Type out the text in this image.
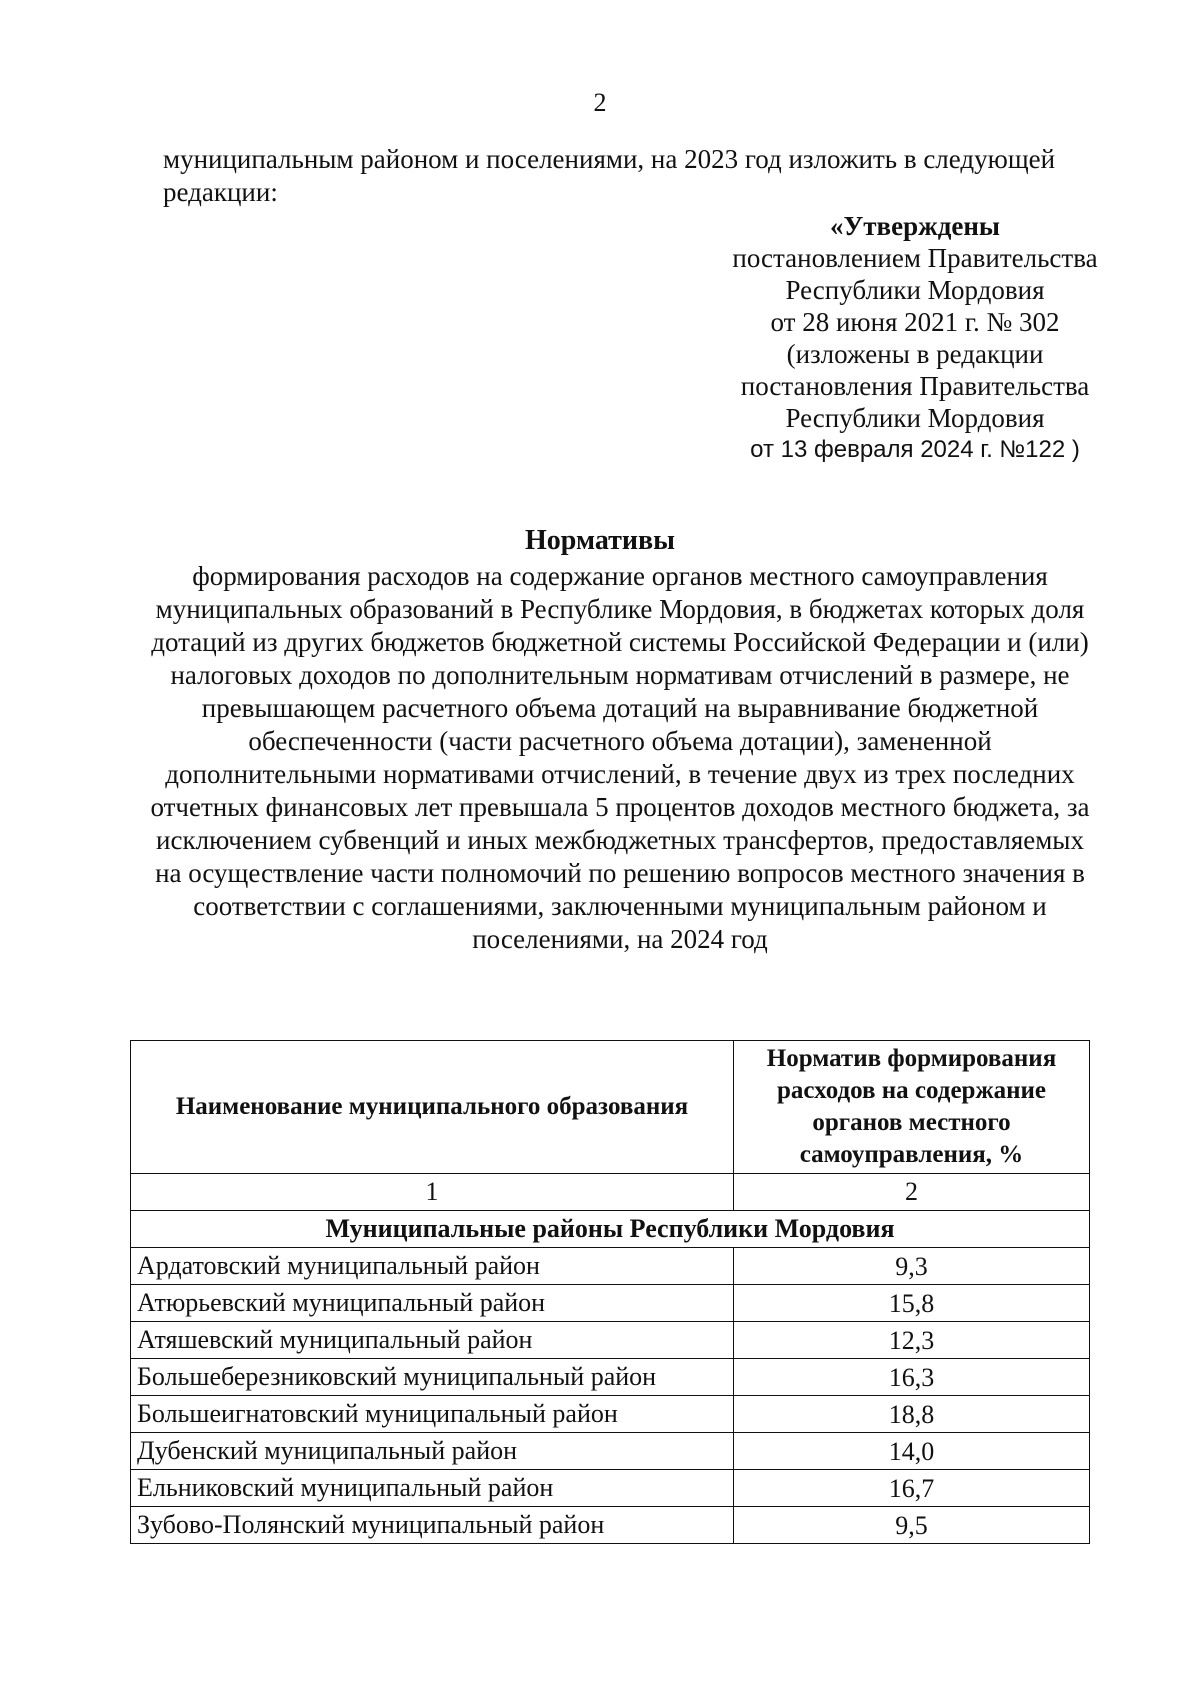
2
муниципальным районом и поселениями, на 2023 год изложить в следующей редакции:
«Утверждены
постановлением Правительства
Республики Мордовия
от 28 июня 2021 г. № 302
(изложены в редакции
постановления Правительства
Республики Мордовия
от 13 февраля 2024 г. №122 )
Нормативы
формирования расходов на содержание органов местного самоуправления муниципальных образований в Республике Мордовия, в бюджетах которых доля дотаций из других бюджетов бюджетной системы Российской Федерации и (или) налоговых доходов по дополнительным нормативам отчислений в размере, не превышающем расчетного объема дотаций на выравнивание бюджетной обеспеченности (части расчетного объема дотации), замененной дополнительными нормативами отчислений, в течение двух из трех последних отчетных финансовых лет превышала 5 процентов доходов местного бюджета, за исключением субвенций и иных межбюджетных трансфертов, предоставляемых на осуществление части полномочий по решению вопросов местного значения в соответствии с соглашениями, заключенными муниципальным районом и поселениями, на 2024 год
Наименование муниципального образования	Норматив формирования расходов на содержание органов местного самоуправления, %
1	2
Муниципальные районы Республики Мордовия	
Ардатовский муниципальный район	9,3
Атюрьевский муниципальный район	15,8
Атяшевский муниципальный район	12,3
Большеберезниковский муниципальный район	16,3
Большеигнатовский муниципальный район	18,8
Дубенский муниципальный район	14,0
Ельниковский муниципальный район	16,7
Зубово-Полянский муниципальный район	9,5
